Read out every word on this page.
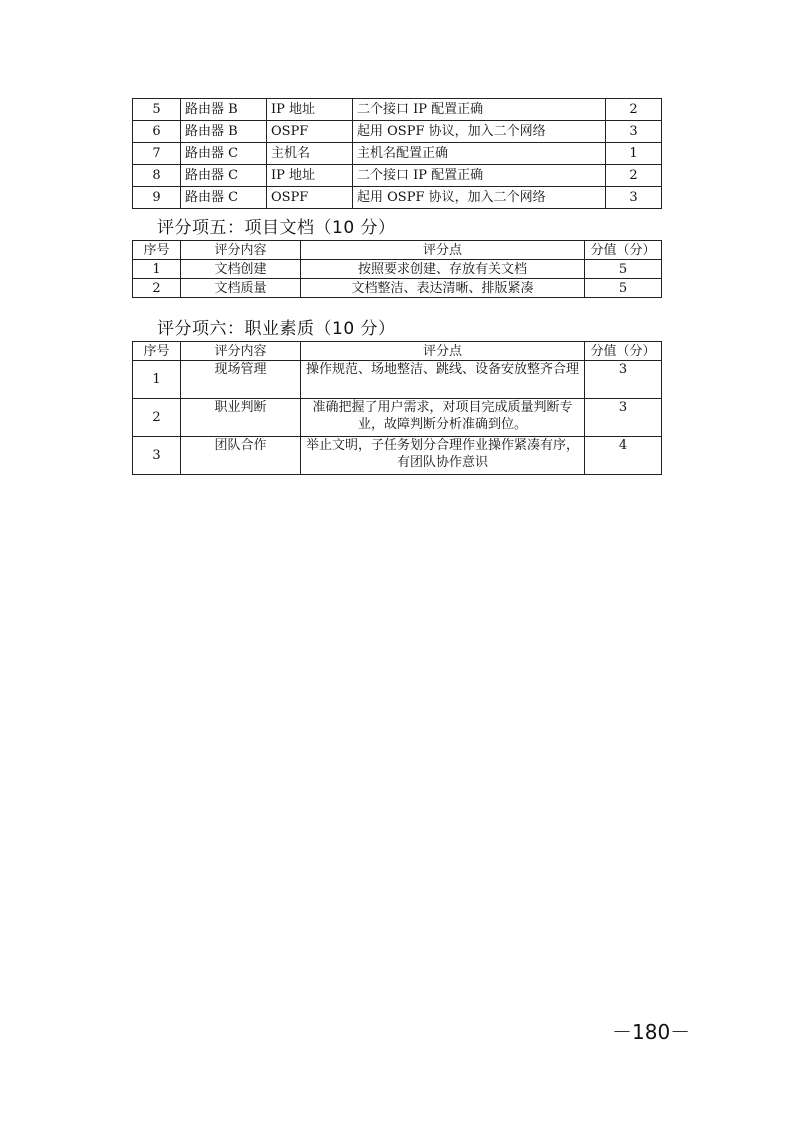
5	路由器 B	IP 地址	二个接口 IP 配置正确	2
6	路由器 B	OSPF	起用 OSPF 协议，加入二个网络	3
7	路由器 C	主机名	主机名配置正确	1
8	路由器 C	IP 地址	二个接口 IP 配置正确	2
9	路由器 C	OSPF	起用 OSPF 协议，加入二个网络	3
评分项五：项目文档（10 分）
序号	评分内容	评分点	分值（分）
1	文档创建	按照要求创建、存放有关文档	5
2	文档质量	文档整洁、表达清晰、排版紧凑	5
评分项六：职业素质（10 分）
序号	评分内容	评分点	分值（分）
1	现场管理	操作规范、场地整洁、跳线、设备安放整齐合理	3
2	职业判断	准确把握了用户需求，对项目完成质量判断专业，故障判断分析准确到位。	3
3	团队合作	举止文明，子任务划分合理作业操作紧凑有序，有团队协作意识	4
－180－
